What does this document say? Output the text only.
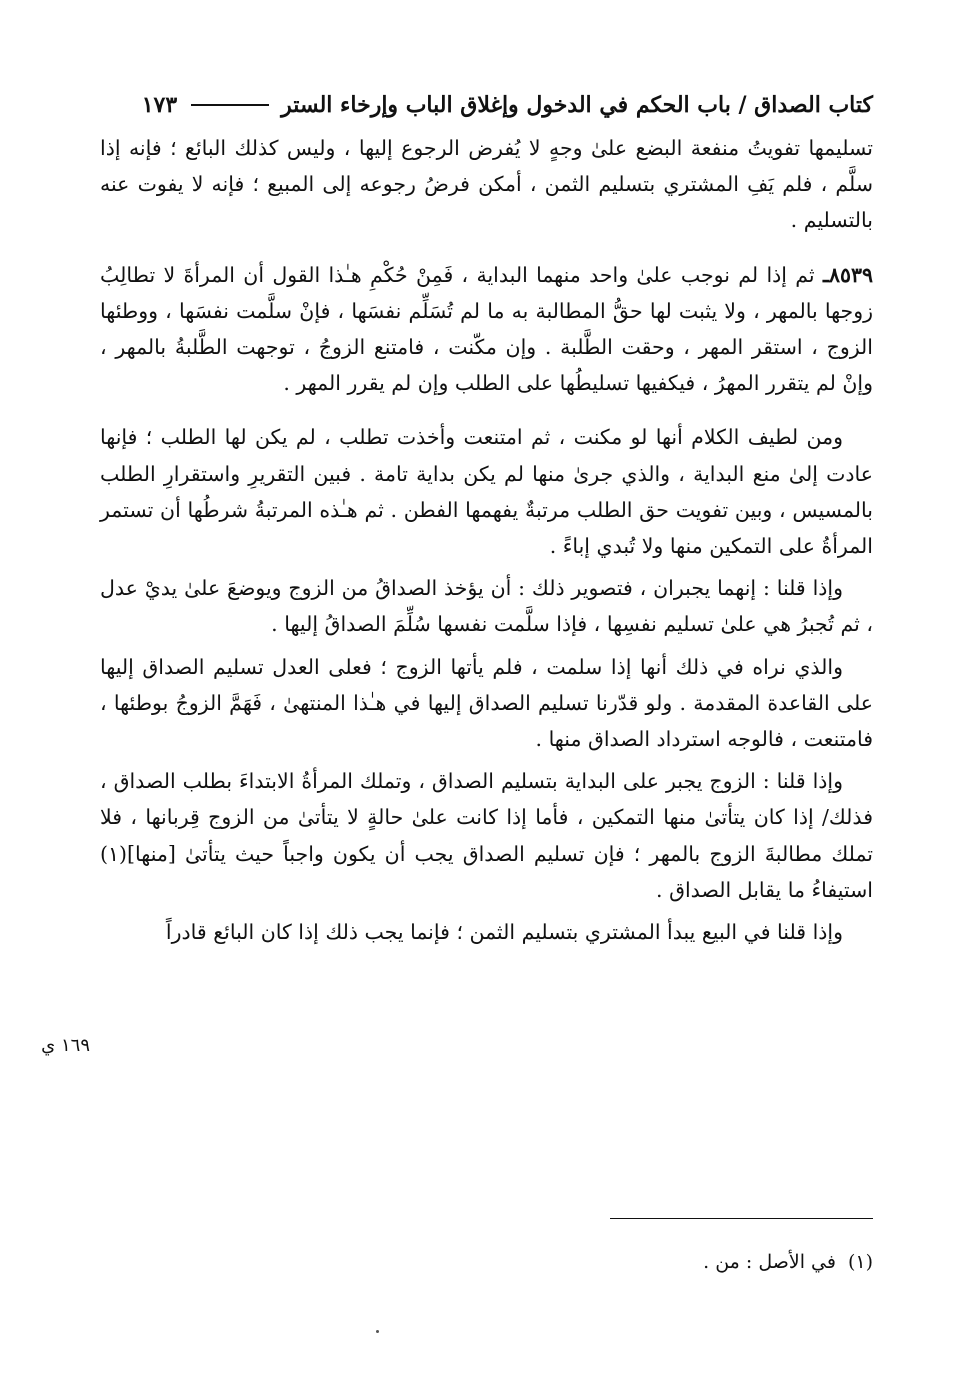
كتاب الصداق / باب الحكم في الدخول وإغلاق الباب وإرخاء الستر
١٧٣

تسليمها تفويتُ منفعة البضع علىٰ وجهٍ لا يُفرض الرجوع إليها ، وليس كذلك البائع ؛ فإنه إذا سلَّم ، فلم يَفِ المشتري بتسليم الثمن ، أمكن فرضُ رجوعه إلى المبيع ؛ فإنه لا يفوت عنه بالتسليم .

٨٥٣٩ـ ثم إذا لم نوجب علىٰ واحد منهما البداية ، فَمِنْ حُكْمِ هـٰذا القول أن المرأةَ لا تطالِبُ زوجها بالمهر ، ولا يثبت لها حقُّ المطالبة به ما لم تُسَلِّم نفسَها ، فإنْ سلَّمت نفسَها ، ووطئها الزوج ، استقر المهر ، وحقت الطَّلبة . وإن مكّنت ، فامتنع الزوجُ ، توجهت الطَّلبةُ بالمهر ، وإنْ لم يتقرر المهرُ ، فيكفيها تسليطُها على الطلب وإن لم يقرر المهر .

ومن لطيف الكلام أنها لو مكنت ، ثم امتنعت وأخذت تطلب ، لم يكن لها الطلب ؛ فإنها عادت إلىٰ منع البداية ، والذي جرىٰ منها لم يكن بداية تامة . فبين التقريرِ واستقرارِ الطلب بالمسيس ، وبين تفويت حق الطلب مرتبةٌ يفهمها الفطن . ثم هـٰذه المرتبةُ شرطُها أن تستمر المرأةُ على التمكين منها ولا تُبدي إباءً .

وإذا قلنا : إنهما يجبران ، فتصوير ذلك : أن يؤخذ الصداقُ من الزوج ويوضعَ علىٰ يديْ عدل ، ثم تُجبرُ هي علىٰ تسليم نفسِها ، فإذا سلَّمت نفسها سُلِّمَ الصداقُ إليها .

والذي نراه في ذلك أنها إذا سلمت ، فلم يأتها الزوج ؛ فعلى العدل تسليم الصداق إليها على القاعدة المقدمة . ولو قدّرنا تسليم الصداق إليها في هـٰذا المنتهىٰ ، فَهَمَّ الزوجُ بوطئها ، فامتنعت ، فالوجه استرداد الصداق منها .

وإذا قلنا : الزوج يجبر على البداية بتسليم الصداق ، وتملك المرأةُ الابتداءَ بطلب الصداق ، فذلك/ إذا كان يتأتىٰ منها التمكين ، فأما إذا كانت علىٰ حالةٍ لا يتأتىٰ من الزوج قِربانها ، فلا تملك مطالبةَ الزوج بالمهر ؛ فإن تسليم الصداق يجب أن يكون واجباً حيث يتأتىٰ [منها](١) استيفاءُ ما يقابل الصداق .

وإذا قلنا في البيع يبدأ المشتري بتسليم الثمن ؛ فإنما يجب ذلك إذا كان البائع قادراً

١٦٩ ي
(١)في الأصل : من .
